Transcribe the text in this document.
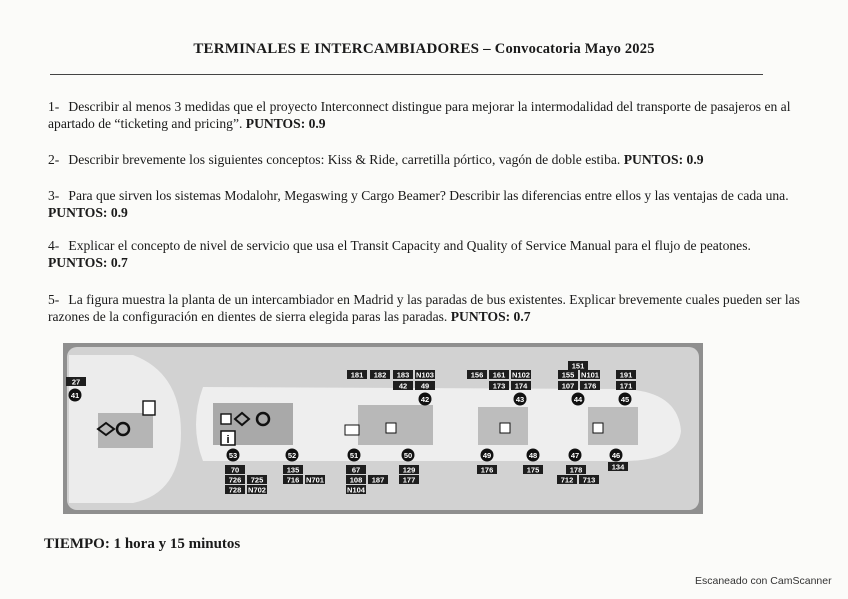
TERMINALES E INTERCAMBIADORES – Convocatoria Mayo 2025
1- Describir al menos 3 medidas que el proyecto Interconnect distingue para mejorar la intermodalidad del transporte de pasajeros en al apartado de “ticketing and pricing”. PUNTOS: 0.9
2- Describir brevemente los siguientes conceptos: Kiss & Ride, carretilla pórtico, vagón de doble estiba. PUNTOS: 0.9
3- Para que sirven los sistemas Modalohr, Megaswing y Cargo Beamer? Describir las diferencias entre ellos y las ventajas de cada una. PUNTOS: 0.9
4- Explicar el concepto de nivel de servicio que usa el Transit Capacity and Quality of Service Manual para el flujo de peatones. PUNTOS: 0.7
5- La figura muestra la planta de un intercambiador en Madrid y las paradas de bus existentes. Explicar brevemente cuales pueden ser las razones de la configuración en dientes de sierra elegida paras las paradas. PUNTOS: 0.7
i
27
41
181 182 183 N103
42 49
42
156 161 N102
173 174
43
151
155 N101
107 176
44
191
171
45
70
726 725
728 N702
53
135
716 N701
52
67
108 187
N104
51
129
177
50
176
49
175
48
178
712 713
47
134
46
TIEMPO: 1 hora y 15 minutos
Escaneado con CamScanner
